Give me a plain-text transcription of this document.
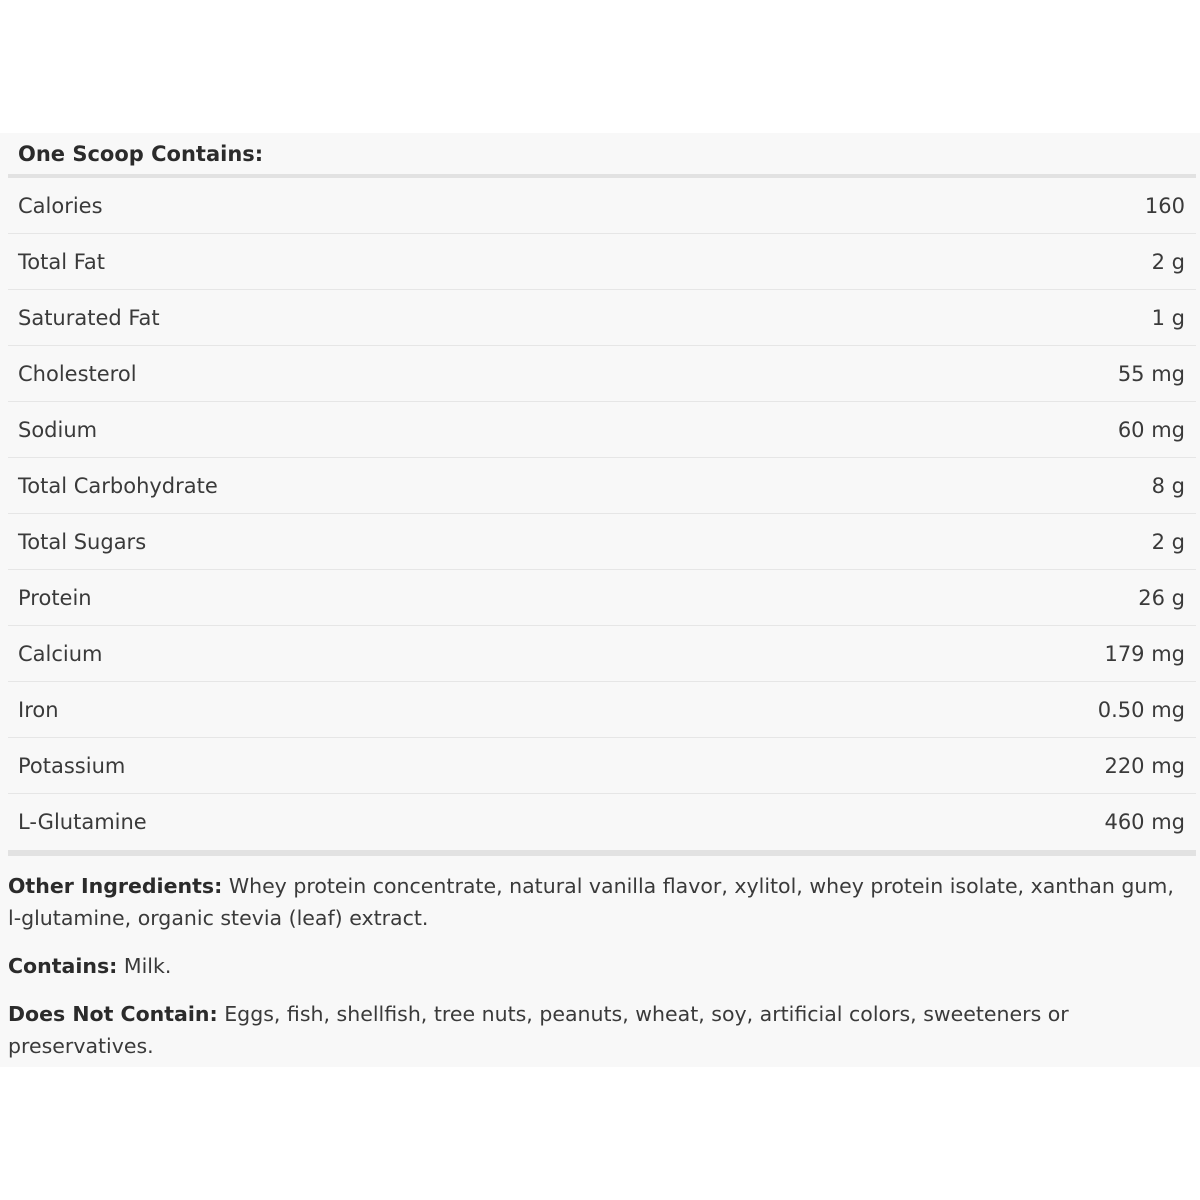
One Scoop Contains:
Calories	160
Total Fat	2 g
Saturated Fat	1 g
Cholesterol	55 mg
Sodium	60 mg
Total Carbohydrate	8 g
Total Sugars	2 g
Protein	26 g
Calcium	179 mg
Iron	0.50 mg
Potassium	220 mg
L-Glutamine	460 mg

Other Ingredients: Whey protein concentrate, natural vanilla flavor, xylitol, whey protein isolate, xanthan gum, l-glutamine, organic stevia (leaf) extract.

Contains: Milk.

Does Not Contain: Eggs, fish, shellfish, tree nuts, peanuts, wheat, soy, artificial colors, sweeteners or preservatives.
